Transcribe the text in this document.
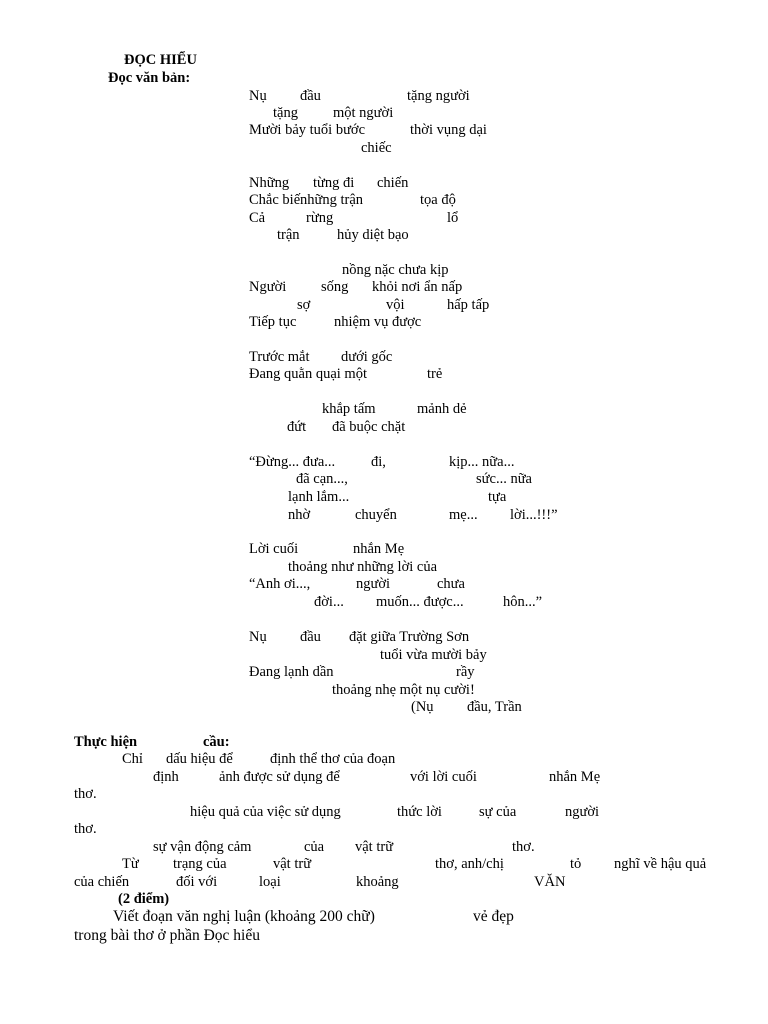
ĐỌC HIỂU
Đọc văn bản:
Nụ đầu	tặng người
tặng một người
Mười bảy tuổi bước	thời vụng dại
chiếc
Những từng đi chiến
Chắc biế những trận	tọa độ
Cả	rừng	lổ
trận	hủy diệt bạo
nồng nặc chưa kịp
Người sống khỏi nơi ẩn nấp
sợ	vội	hấp tấp
Tiếp tục	nhiệm vụ được
Trước mắt dưới gốc
Đang quằn quại một	trẻ
khắp tấm	mảnh dẻ
đứt đã buộc chặt
“Đừng... đưa... đi,	kịp... nữa...
đã cạn...,	sức... nữa
lạnh lắm...	tựa
nhờ	chuyển	mẹ... lời...!!!”
Lời cuối	nhắn Mẹ
thoảng như những lời của
“Anh ơi...,	người	chưa
đời... muốn... được...	hôn...”
Nụ đầu đặt giữa Trường Sơn
tuổi vừa mười bảy
Đang lạnh dần	rầy
thoảng nhẹ một nụ cười!
(Nụ đầu, Trần
Thực hiện	cầu:
Chỉ dấu hiệu để	định thể thơ của đoạn
định	ảnh được sử dụng để	với lời cuối	nhắn Mẹ
thơ.
hiệu quả của việc sử dụng	thức lời	sự của	người
thơ.
sự vận động cảm	của vật trữ	thơ.
Từ trạng của	vật trữ	thơ, anh/chị	tỏ nghĩ về hậu quả
của chiến	đối với	loại	khoảng	VĂN
(2 điểm)
Viết đoạn văn nghị luận (khoảng 200 chữ)	vẻ đẹp
trong bài thơ ở phần Đọc hiểu
